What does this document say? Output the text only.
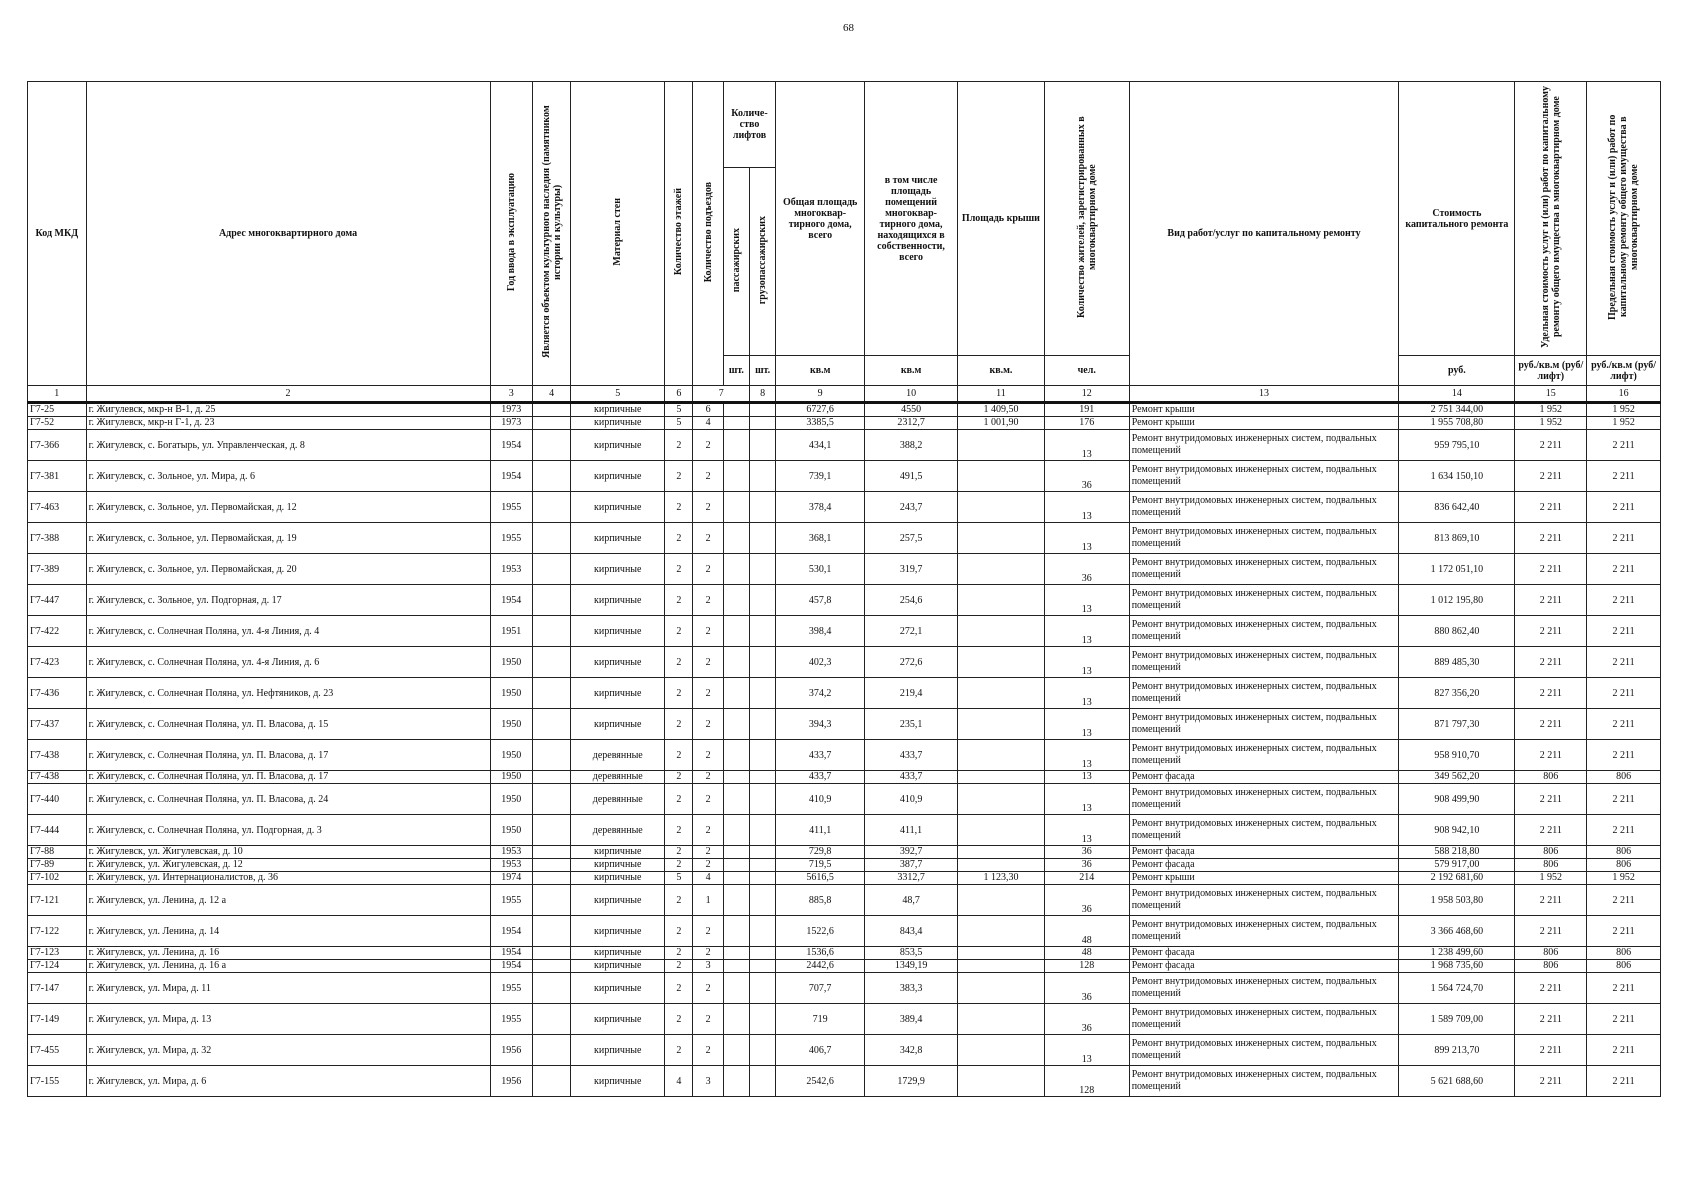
68
Код МКД	Адрес многоквартирного дома	Год ввода в эксплуатацию	Является объектом культурного наследия (памятником истории и культуры)	Материал стен	Количество этажей	Количество подъездов	Количе-ство лифтов		Общая площадь многоквар-тирного дома, всего	в том числе площадь помещений многоквар-тирного дома, находящихся в собственности, всего	Площадь крыши	Количество жителей, зарегистрированных в многоквартирном доме	Вид работ/услуг по капитальному ремонту	Стоимость капитального ремонта	Удельная стоимость услуг и (или) работ по капитальному ремонту общего имущества в многоквартирном доме	Предельная стоимость услуг и (или) работ по капитальному ремонту общего имущества в многоквартирном доме
							пассажирских	грузопассажирских								
							шт.	шт.	кв.м	кв.м	кв.м.	чел.		руб.	руб./кв.м (руб/лифт)	руб./кв.м (руб/лифт)
1	2	3	4	5	6	7		8	9	10	11	12	13	14	15	16
Г7-25	г. Жигулевск, мкр-н В-1, д. 25	1973		кирпичные	5	6			6727,6	4550	1 409,50	191	Ремонт крыши	2 751 344,00	1 952	1 952
Г7-52	г. Жигулевск, мкр-н Г-1, д. 23	1973		кирпичные	5	4			3385,5	2312,7	1 001,90	176	Ремонт крыши	1 955 708,80	1 952	1 952
Г7-366	г. Жигулевск, с. Богатырь, ул. Управленческая, д. 8	1954		кирпичные	2	2			434,1	388,2		13	Ремонт внутридомовых инженерных систем, подвальных помещений	959 795,10	2 211	2 211
Г7-381	г. Жигулевск, с. Зольное, ул. Мира, д. 6	1954		кирпичные	2	2			739,1	491,5		36	Ремонт внутридомовых инженерных систем, подвальных помещений	1 634 150,10	2 211	2 211
Г7-463	г. Жигулевск, с. Зольное, ул. Первомайская, д. 12	1955		кирпичные	2	2			378,4	243,7		13	Ремонт внутридомовых инженерных систем, подвальных помещений	836 642,40	2 211	2 211
Г7-388	г. Жигулевск, с. Зольное, ул. Первомайская, д. 19	1955		кирпичные	2	2			368,1	257,5		13	Ремонт внутридомовых инженерных систем, подвальных помещений	813 869,10	2 211	2 211
Г7-389	г. Жигулевск, с. Зольное, ул. Первомайская, д. 20	1953		кирпичные	2	2			530,1	319,7		36	Ремонт внутридомовых инженерных систем, подвальных помещений	1 172 051,10	2 211	2 211
Г7-447	г. Жигулевск, с. Зольное, ул. Подгорная, д. 17	1954		кирпичные	2	2			457,8	254,6		13	Ремонт внутридомовых инженерных систем, подвальных помещений	1 012 195,80	2 211	2 211
Г7-422	г. Жигулевск, с. Солнечная Поляна, ул. 4-я Линия, д. 4	1951		кирпичные	2	2			398,4	272,1		13	Ремонт внутридомовых инженерных систем, подвальных помещений	880 862,40	2 211	2 211
Г7-423	г. Жигулевск, с. Солнечная Поляна, ул. 4-я Линия, д. 6	1950		кирпичные	2	2			402,3	272,6		13	Ремонт внутридомовых инженерных систем, подвальных помещений	889 485,30	2 211	2 211
Г7-436	г. Жигулевск, с. Солнечная Поляна, ул. Нефтяников, д. 23	1950		кирпичные	2	2			374,2	219,4		13	Ремонт внутридомовых инженерных систем, подвальных помещений	827 356,20	2 211	2 211
Г7-437	г. Жигулевск, с. Солнечная Поляна, ул. П. Власова, д. 15	1950		кирпичные	2	2			394,3	235,1		13	Ремонт внутридомовых инженерных систем, подвальных помещений	871 797,30	2 211	2 211
Г7-438	г. Жигулевск, с. Солнечная Поляна, ул. П. Власова, д. 17	1950		деревянные	2	2			433,7	433,7		13	Ремонт внутридомовых инженерных систем, подвальных помещений	958 910,70	2 211	2 211
Г7-438	г. Жигулевск, с. Солнечная Поляна, ул. П. Власова, д. 17	1950		деревянные	2	2			433,7	433,7		13	Ремонт фасада	349 562,20	806	806
Г7-440	г. Жигулевск, с. Солнечная Поляна, ул. П. Власова, д. 24	1950		деревянные	2	2			410,9	410,9		13	Ремонт внутридомовых инженерных систем, подвальных помещений	908 499,90	2 211	2 211
Г7-444	г. Жигулевск, с. Солнечная Поляна, ул. Подгорная, д. 3	1950		деревянные	2	2			411,1	411,1		13	Ремонт внутридомовых инженерных систем, подвальных помещений	908 942,10	2 211	2 211
Г7-88	г. Жигулевск, ул. Жигулевская, д. 10	1953		кирпичные	2	2			729,8	392,7		36	Ремонт фасада	588 218,80	806	806
Г7-89	г. Жигулевск, ул. Жигулевская, д. 12	1953		кирпичные	2	2			719,5	387,7		36	Ремонт фасада	579 917,00	806	806
Г7-102	г. Жигулевск, ул. Интернационалистов, д. 36	1974		кирпичные	5	4			5616,5	3312,7	1 123,30	214	Ремонт крыши	2 192 681,60	1 952	1 952
Г7-121	г. Жигулевск, ул. Ленина, д. 12 а	1955		кирпичные	2	1			885,8	48,7		36	Ремонт внутридомовых инженерных систем, подвальных помещений	1 958 503,80	2 211	2 211
Г7-122	г. Жигулевск, ул. Ленина, д. 14	1954		кирпичные	2	2			1522,6	843,4		48	Ремонт внутридомовых инженерных систем, подвальных помещений	3 366 468,60	2 211	2 211
Г7-123	г. Жигулевск, ул. Ленина, д. 16	1954		кирпичные	2	2			1536,6	853,5		48	Ремонт фасада	1 238 499,60	806	806
Г7-124	г. Жигулевск, ул. Ленина, д. 16 а	1954		кирпичные	2	3			2442,6	1349,19		128	Ремонт фасада	1 968 735,60	806	806
Г7-147	г. Жигулевск, ул. Мира, д. 11	1955		кирпичные	2	2			707,7	383,3		36	Ремонт внутридомовых инженерных систем, подвальных помещений	1 564 724,70	2 211	2 211
Г7-149	г. Жигулевск, ул. Мира, д. 13	1955		кирпичные	2	2			719	389,4		36	Ремонт внутридомовых инженерных систем, подвальных помещений	1 589 709,00	2 211	2 211
Г7-455	г. Жигулевск, ул. Мира, д. 32	1956		кирпичные	2	2			406,7	342,8		13	Ремонт внутридомовых инженерных систем, подвальных помещений	899 213,70	2 211	2 211
Г7-155	г. Жигулевск, ул. Мира, д. 6	1956		кирпичные	4	3			2542,6	1729,9		128	Ремонт внутридомовых инженерных систем, подвальных помещений	5 621 688,60	2 211	2 211
